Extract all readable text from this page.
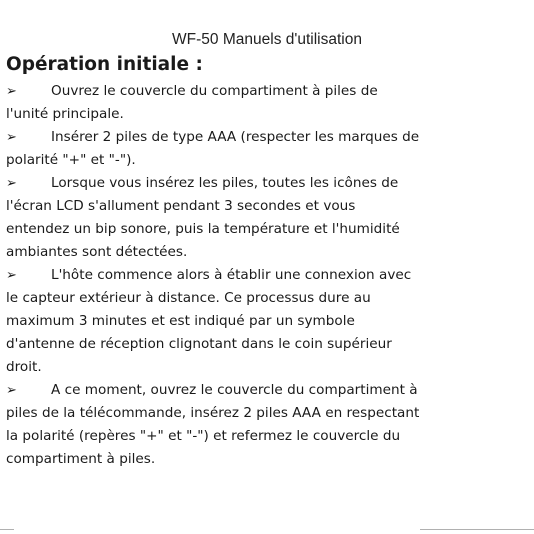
WF-50 Manuels d'utilisation
Opération initiale :
➢	Ouvrez le couvercle du compartiment à piles de
l'unité principale.
➢	Insérer 2 piles de type AAA (respecter les marques de
polarité "+" et "-").
➢	Lorsque vous insérez les piles, toutes les icônes de
l'écran LCD s'allument pendant 3 secondes et vous
entendez un bip sonore, puis la température et l'humidité
ambiantes sont détectées.
➢	L'hôte commence alors à établir une connexion avec
le capteur extérieur à distance. Ce processus dure au
maximum 3 minutes et est indiqué par un symbole
d'antenne de réception clignotant dans le coin supérieur
droit.
➢	A ce moment, ouvrez le couvercle du compartiment à
piles de la télécommande, insérez 2 piles AAA en respectant
la polarité (repères "+" et "-") et refermez le couvercle du
compartiment à piles.
